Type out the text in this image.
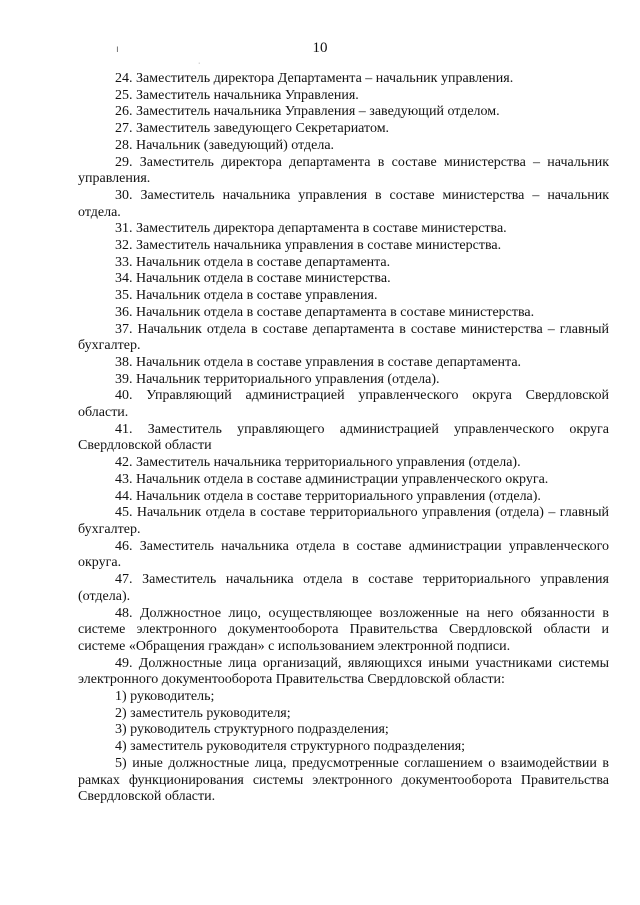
ı
·
10

24. Заместитель директора Департамента – начальник управления.

25. Заместитель начальника Управления.

26. Заместитель начальника Управления – заведующий отделом.

27. Заместитель заведующего Секретариатом.

28. Начальник (заведующий) отдела.

29. Заместитель директора департамента в составе министерства – начальник управления.

30. Заместитель начальника управления в составе министерства – начальник отдела.

31. Заместитель директора департамента в составе министерства.

32. Заместитель начальника управления в составе министерства.

33. Начальник отдела в составе департамента.

34. Начальник отдела в составе министерства.

35. Начальник отдела в составе управления.

36. Начальник отдела в составе департамента в составе министерства.

37. Начальник отдела в составе департамента в составе министерства – главный бухгалтер.

38. Начальник отдела в составе управления в составе департамента.

39. Начальник территориального управления (отдела).

40. Управляющий администрацией управленческого округа Свердловской области.

41. Заместитель управляющего администрацией управленческого округа Свердловской области

42. Заместитель начальника территориального управления (отдела).

43. Начальник отдела в составе администрации управленческого округа.

44. Начальник отдела в составе территориального управления (отдела).

45. Начальник отдела в составе территориального управления (отдела) – главный бухгалтер.

46. Заместитель начальника отдела в составе администрации управленческого округа.

47. Заместитель начальника отдела в составе территориального управления (отдела).

48. Должностное лицо, осуществляющее возложенные на него обязанности в системе электронного документооборота Правительства Свердловской области и системе «Обращения граждан» с использованием электронной подписи.

49. Должностные лица организаций, являющихся иными участниками системы электронного документооборота Правительства Свердловской области:

1) руководитель;

2) заместитель руководителя;

3) руководитель структурного подразделения;

4) заместитель руководителя структурного подразделения;

5) иные должностные лица, предусмотренные соглашением о взаимодействии в рамках функционирования системы электронного документооборота Правительства Свердловской области.
